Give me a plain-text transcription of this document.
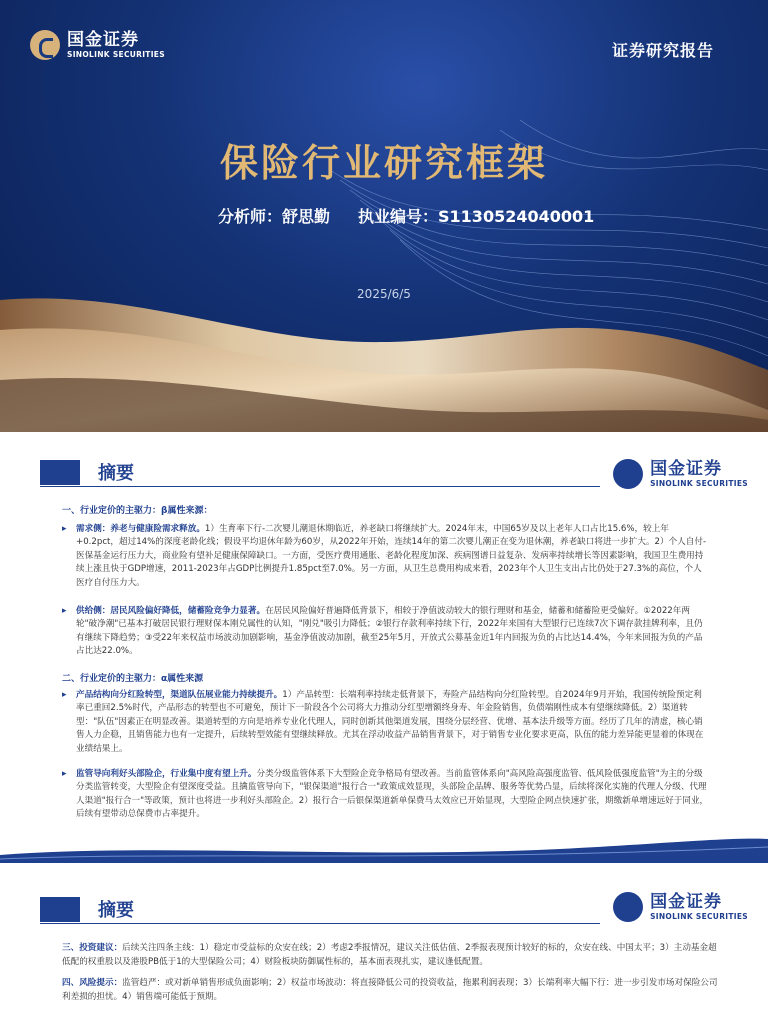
国金证券
SINOLINK SECURITIES	证券研究报告
保险行业研究框架
分析师：舒思勤 执业编号：S1130524040001
2025/6/5
摘要	国金证券
SINOLINK SECURITIES
一、行业定价的主驱力：β属性来源：
▸ 需求侧：养老与健康险需求释放。1）生育率下行-二次婴儿潮退休期临近，养老缺口将继续扩大。2024年末，中国65岁及以上老年人口占比15.6%，较上年+0.2pct，超过14%的深度老龄化线；假设平均退休年龄为60岁，从2022年开始，连续14年的第二次婴儿潮正在变为退休潮，养老缺口将进一步扩大。2）个人自付-医保基金运行压力大，商业险有望补足健康保障缺口。一方面，受医疗费用通胀、老龄化程度加深、疾病图谱日益复杂、发病率持续增长等因素影响，我国卫生费用持续上涨且快于GDP增速，2011-2023年占GDP比例提升1.85pct至7.0%。另一方面，从卫生总费用构成来看，2023年个人卫生支出占比仍处于27.3%的高位，个人医疗自付压力大。
▸ 供给侧：居民风险偏好降低，储蓄险竞争力显著。在居民风险偏好普遍降低背景下，相较于净值波动较大的银行理财和基金，储蓄和储蓄险更受偏好。①2022年两轮"破净潮"已基本打破居民银行理财保本刚兑属性的认知，"刚兑"吸引力降低；②银行存款利率持续下行，2022年来国有大型银行已连续7次下调存款挂牌利率，且仍有继续下降趋势；③受22年来权益市场波动加剧影响，基金净值波动加剧，截至25年5月，开放式公募基金近1年内回报为负的占比达14.4%，今年来回报为负的产品占比达22.0%。
二、行业定价的主驱力：α属性来源
▸ 产品结构向分红险转型，渠道队伍展业能力持续提升。1）产品转型：长端利率持续走低背景下，寿险产品结构向分红险转型。自2024年9月开始，我国传统险预定利率已重回2.5%时代，产品形态的转型也不可避免，预计下一阶段各个公司将大力推动分红型增额终身寿、年金险销售，负债端刚性成本有望继续降低。2）渠道转型："队伍"因素正在明显改善。渠道转型的方向是培养专业化代理人，同时创新其他渠道发展，围绕分层经营、优增、基本法升级等方面。经历了几年的清虚，核心销售人力企稳，且销售能力也有一定提升，后续转型效能有望继续释放。尤其在浮动收益产品销售背景下，对于销售专业化要求更高，队伍的能力差异能更显着的体现在业绩结果上。
▸ 监管导向利好头部险企，行业集中度有望上升。分类分级监管体系下大型险企竞争格局有望改善。当前监管体系向"高风险高强度监管、低风险低强度监管"为主的分级分类监管转变，大型险企有望深度受益。且擒监管导向下，"银保渠道"报行合一"政策成效显现，头部险企品牌、服务等优势凸显，后续将深化实施的代理人分级、代理人渠道"报行合一"等政策，预计也将进一步利好头部险企。2）报行合一后银保渠道新单保费马太效应已开始显现，大型险企网点快速扩张，期缴新单增速远好于同业，后续有望带动总保费市占率提升。
摘要	国金证券
SINOLINK SECURITIES
三、投资建议：后续关注四条主线：1）稳定市受益标的众安在线；2）考虑2季报情况，建议关注低估值、2季报表现预计较好的标的，众安在线、中国太平；3）主动基金超低配的权重股以及港股PB低于1的大型保险公司；4）财险板块防御属性标的，基本面表现扎实，建议逢低配置。
四、风险提示：监管趋严：或对新单销售形成负面影响；2）权益市场波动：将直接降低公司的投资收益，拖累利润表现；3）长端利率大幅下行：进一步引发市场对保险公司利差损的担忧。4）销售端可能低于预期。
